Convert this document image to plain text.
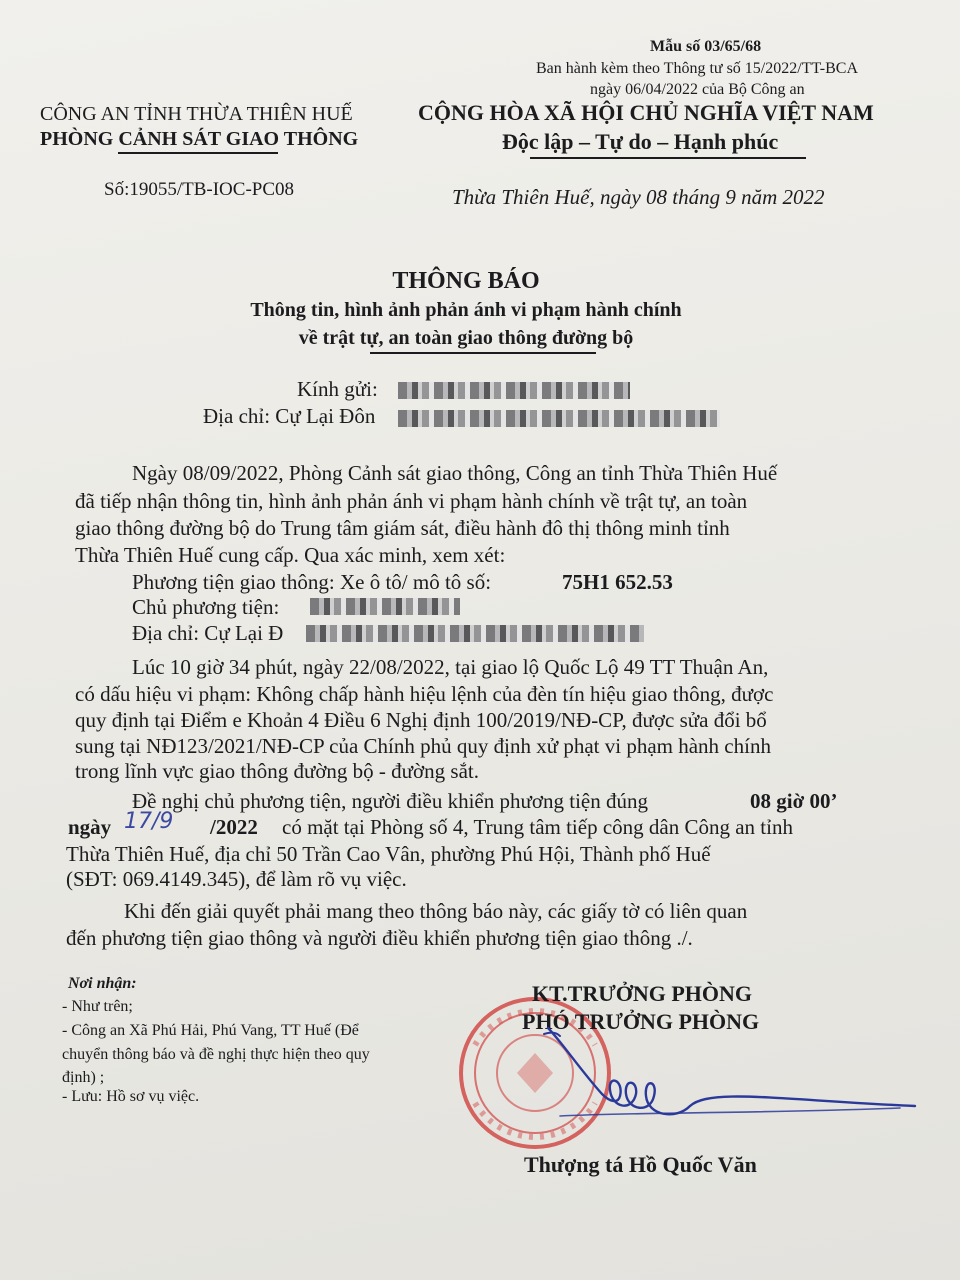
Mẫu số 03/65/68
Ban hành kèm theo Thông tư số 15/2022/TT-BCA
ngày 06/04/2022 của Bộ Công an
CÔNG AN TỈNH THỪA THIÊN HUẾ
PHÒNG CẢNH SÁT GIAO THÔNG
Số:19055/TB-IOC-PC08
CỘNG HÒA XÃ HỘI CHỦ NGHĨA VIỆT NAM
Độc lập – Tự do – Hạnh phúc
Thừa Thiên Huế, ngày 08 tháng 9 năm 2022
THÔNG BÁO
Thông tin, hình ảnh phản ánh vi phạm hành chính
về trật tự, an toàn giao thông đường bộ
Kính gửi:
Địa chỉ: Cự Lại Đôn
Ngày 08/09/2022, Phòng Cảnh sát giao thông, Công an tỉnh Thừa Thiên Huế
đã tiếp nhận thông tin, hình ảnh phản ánh vi phạm hành chính về trật tự, an toàn
giao thông đường bộ do Trung tâm giám sát, điều hành đô thị thông minh tỉnh
Thừa Thiên Huế cung cấp. Qua xác minh, xem xét:
Phương tiện giao thông: Xe ô tô/ mô tô số:	75H1 652.53
Chủ phương tiện:
Địa chỉ: Cự Lại Đ
Lúc 10 giờ 34 phút, ngày 22/08/2022, tại giao lộ Quốc Lộ 49 TT Thuận An,
có dấu hiệu vi phạm: Không chấp hành hiệu lệnh của đèn tín hiệu giao thông, được
quy định tại Điểm e Khoản 4 Điều 6 Nghị định 100/2019/NĐ-CP, được sửa đổi bổ
sung tại NĐ123/2021/NĐ-CP của Chính phủ quy định xử phạt vi phạm hành chính
trong lĩnh vực giao thông đường bộ - đường sắt.
Đề nghị chủ phương tiện, người điều khiển phương tiện đúng	08 giờ 00’
ngày 17/9 /2022 có mặt tại Phòng số 4, Trung tâm tiếp công dân Công an tỉnh
Thừa Thiên Huế, địa chỉ 50 Trần Cao Vân, phường Phú Hội, Thành phố Huế
(SĐT: 069.4149.345), để làm rõ vụ việc.
Khi đến giải quyết phải mang theo thông báo này, các giấy tờ có liên quan
đến phương tiện giao thông và người điều khiển phương tiện giao thông ./.
Nơi nhận:
- Như trên;
- Công an Xã Phú Hải, Phú Vang, TT Huế (Để
chuyển thông báo và đề nghị thực hiện theo quy
định) ;
- Lưu: Hồ sơ vụ việc.
KT.TRƯỞNG PHÒNG
PHÓ TRƯỞNG PHÒNG
Thượng tá Hồ Quốc Văn
